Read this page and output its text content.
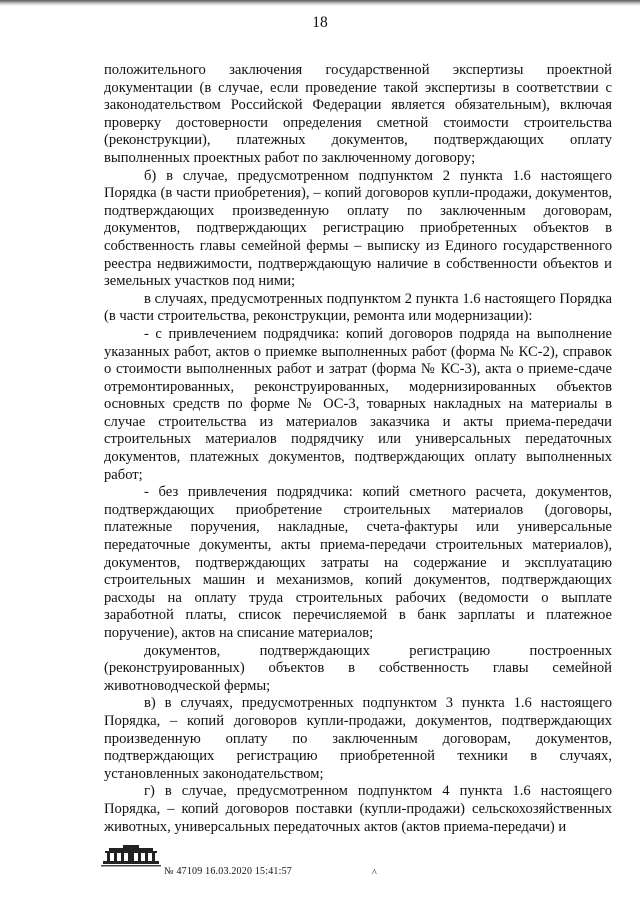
18

положительного заключения государственной экспертизы проектной документации (в случае, если проведение такой экспертизы в соответствии с законодательством Российской Федерации является обязательным), включая проверку достоверности определения сметной стоимости строительства (реконструкции), платежных документов, подтверждающих оплату выполненных проектных работ по заключенному договору;

б) в случае, предусмотренном подпунктом 2 пункта 1.6 настоящего Порядка (в части приобретения), – копий договоров купли-продажи, документов, подтверждающих произведенную оплату по заключенным договорам, документов, подтверждающих регистрацию приобретенных объектов в собственность главы семейной фермы – выписку из Единого государственного реестра недвижимости, подтверждающую наличие в собственности объектов и земельных участков под ними;

в случаях, предусмотренных подпунктом 2 пункта 1.6 настоящего Порядка (в части строительства, реконструкции, ремонта или модернизации):

- с привлечением подрядчика: копий договоров подряда на выполнение указанных работ, актов о приемке выполненных работ (форма № КС-2), справок о стоимости выполненных работ и затрат (форма № КС-3), акта о приеме-сдаче отремонтированных, реконструированных, модернизированных объектов основных средств по форме № ОС-3, товарных накладных на материалы в случае строительства из материалов заказчика и акты приема-передачи строительных материалов подрядчику или универсальных передаточных документов, платежных документов, подтверждающих оплату выполненных работ;

- без привлечения подрядчика: копий сметного расчета, документов, подтверждающих приобретение строительных материалов (договоры, платежные поручения, накладные, счета-фактуры или универсальные передаточные документы, акты приема-передачи строительных материалов), документов, подтверждающих затраты на содержание и эксплуатацию строительных машин и механизмов, копий документов, подтверждающих расходы на оплату труда строительных рабочих (ведомости о выплате заработной платы, список перечисляемой в банк зарплаты и платежное поручение), актов на списание материалов;

документов, подтверждающих регистрацию построенных (реконструированных) объектов в собственность главы семейной животноводческой фермы;

в) в случаях, предусмотренных подпунктом 3 пункта 1.6 настоящего Порядка, – копий договоров купли-продажи, документов, подтверждающих произведенную оплату по заключенным договорам, документов, подтверждающих регистрацию приобретенной техники в случаях, установленных законодательством;

г) в случае, предусмотренном подпунктом 4 пункта 1.6 настоящего Порядка, – копий договоров поставки (купли-продажи) сельскохозяйственных животных, универсальных передаточных актов (актов приема-передачи) и

№ 47109 16.03.2020 15:41:57	^
